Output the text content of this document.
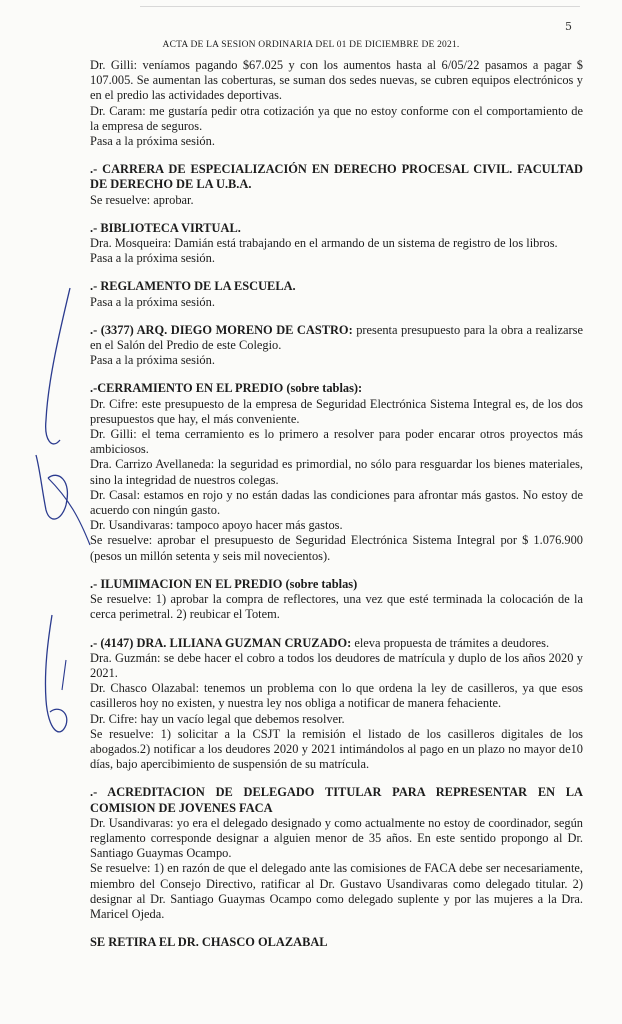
5
ACTA DE LA SESION ORDINARIA DEL 01 DE DICIEMBRE DE 2021.

Dr. Gilli: veníamos pagando $67.025 y con los aumentos hasta al 6/05/22 pasamos a pagar $ 107.005. Se aumentan las coberturas, se suman dos sedes nuevas, se cubren equipos electrónicos y en el predio las actividades deportivas.

Dr. Caram: me gustaría pedir otra cotización ya que no estoy conforme con el comportamiento de la empresa de seguros.

Pasa a la próxima sesión.

.- CARRERA DE ESPECIALIZACIÓN EN DERECHO PROCESAL CIVIL. FACULTAD DE DERECHO DE LA U.B.A.

Se resuelve: aprobar.

.- BIBLIOTECA VIRTUAL.

Dra. Mosqueira: Damián está trabajando en el armando de un sistema de registro de los libros.

Pasa a la próxima sesión.

.- REGLAMENTO DE LA ESCUELA.

Pasa a la próxima sesión.

.- (3377) ARQ. DIEGO MORENO DE CASTRO: presenta presupuesto para la obra a realizarse en el Salón del Predio de este Colegio.

Pasa a la próxima sesión.

.-CERRAMIENTO EN EL PREDIO (sobre tablas):

Dr. Cifre: este presupuesto de la empresa de Seguridad Electrónica Sistema Integral es, de los dos presupuestos que hay, el más conveniente.

Dr. Gilli: el tema cerramiento es lo primero a resolver para poder encarar otros proyectos más ambiciosos.

Dra. Carrizo Avellaneda: la seguridad es primordial, no sólo para resguardar los bienes materiales, sino la integridad de nuestros colegas.

Dr. Casal: estamos en rojo y no están dadas las condiciones para afrontar más gastos. No estoy de acuerdo con ningún gasto.

Dr. Usandivaras: tampoco apoyo hacer más gastos.

Se resuelve: aprobar el presupuesto de Seguridad Electrónica Sistema Integral por $ 1.076.900 (pesos un millón setenta y seis mil novecientos).

.- ILUMIMACION EN EL PREDIO (sobre tablas)

Se resuelve: 1) aprobar la compra de reflectores, una vez que esté terminada la colocación de la cerca perimetral. 2) reubicar el Totem.

.- (4147) DRA. LILIANA GUZMAN CRUZADO: eleva propuesta de trámites a deudores.

Dra. Guzmán: se debe hacer el cobro a todos los deudores de matrícula y duplo de los años 2020 y 2021.

Dr. Chasco Olazabal: tenemos un problema con lo que ordena la ley de casilleros, ya que esos casilleros hoy no existen, y nuestra ley nos obliga a notificar de manera fehaciente.

Dr. Cifre: hay un vacío legal que debemos resolver.

Se resuelve: 1) solicitar a la CSJT la remisión el listado de los casilleros digitales de los abogados.2) notificar a los deudores 2020 y 2021 intimándolos al pago en un plazo no mayor de10 días, bajo apercibimiento de suspensión de su matrícula.

.- ACREDITACION DE DELEGADO TITULAR PARA REPRESENTAR EN LA COMISION DE JOVENES FACA

Dr. Usandivaras: yo era el delegado designado y como actualmente no estoy de coordinador, según reglamento corresponde designar a alguien menor de 35 años. En este sentido propongo al Dr. Santiago Guaymas Ocampo.

Se resuelve: 1) en razón de que el delegado ante las comisiones de FACA debe ser necesariamente, miembro del Consejo Directivo, ratificar al Dr. Gustavo Usandivaras como delegado titular. 2) designar al Dr. Santiago Guaymas Ocampo como delegado suplente y por las mujeres a la Dra. Maricel Ojeda.

SE RETIRA EL DR. CHASCO OLAZABAL
